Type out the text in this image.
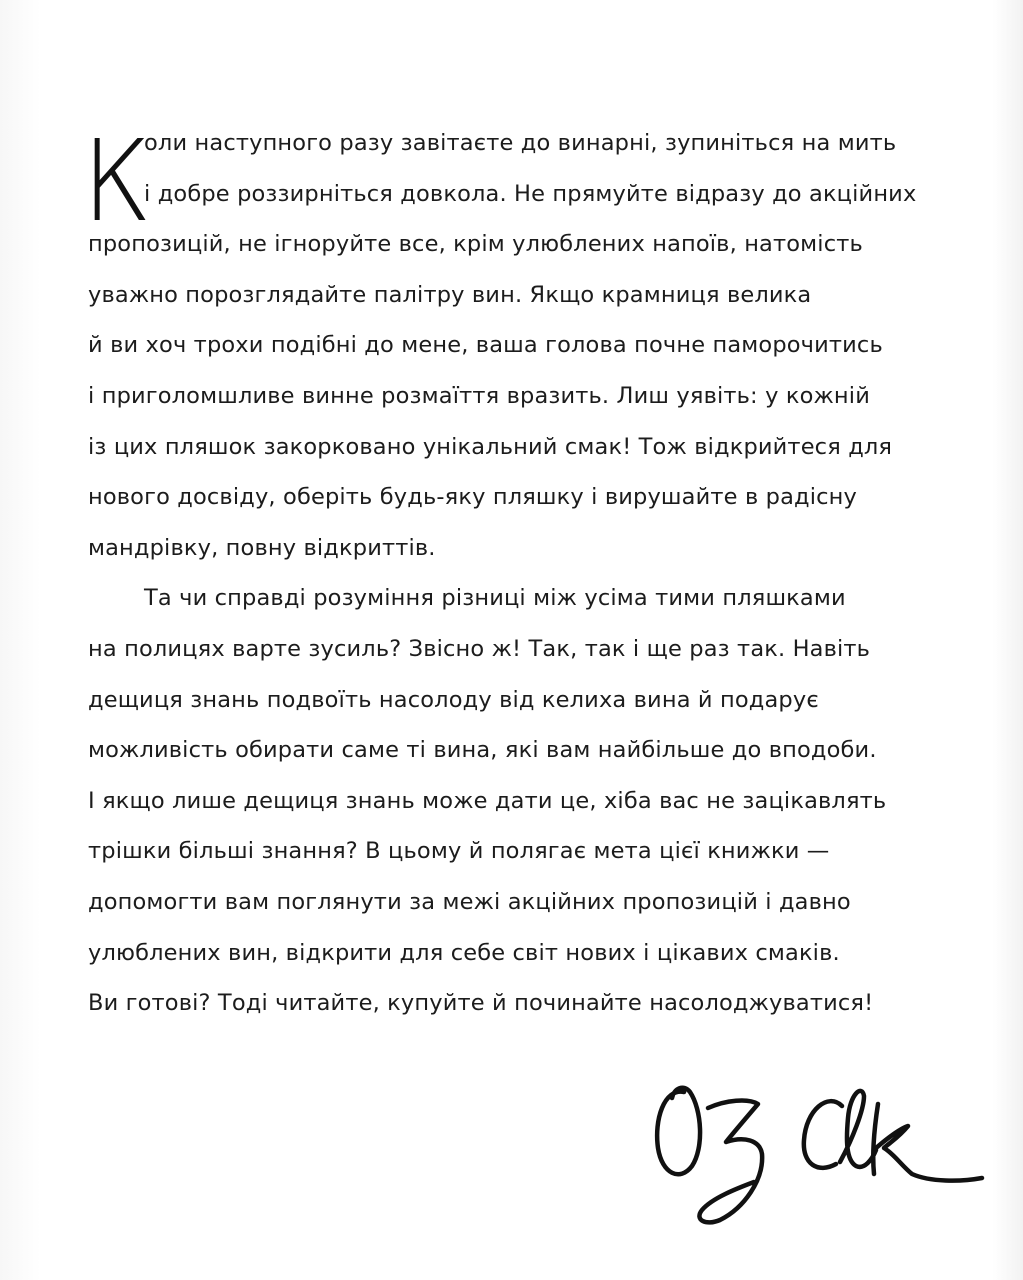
К
оли наступного разу завітаєте до винарні, зупиніться на мить
і добре роззирніться довкола. Не прямуйте відразу до акційних
пропозицій, не ігноруйте все, крім улюблених напоїв, натомість
уважно порозглядайте палітру вин. Якщо крамниця велика
й ви хоч трохи подібні до мене, ваша голова почне паморочитись
і приголомшливе винне розмаїття вразить. Лиш уявіть: у кожній
із цих пляшок закорковано унікальний смак! Тож відкрийтеся для
нового досвіду, оберіть будь-яку пляшку і вирушайте в радісну
мандрівку, повну відкриттів.
Та чи справді розуміння різниці між усіма тими пляшками
на полицях варте зусиль? Звісно ж! Так, так і ще раз так. Навіть
дещиця знань подвоїть насолоду від келиха вина й подарує
можливість обирати саме ті вина, які вам найбільше до вподоби.
І якщо лише дещиця знань може дати це, хіба вас не зацікавлять
трішки більші знання? В цьому й полягає мета цієї книжки —
допомогти вам поглянути за межі акційних пропозицій і давно
улюблених вин, відкрити для себе світ нових і цікавих смаків.
Ви готові? Тоді читайте, купуйте й починайте насолоджуватися!
